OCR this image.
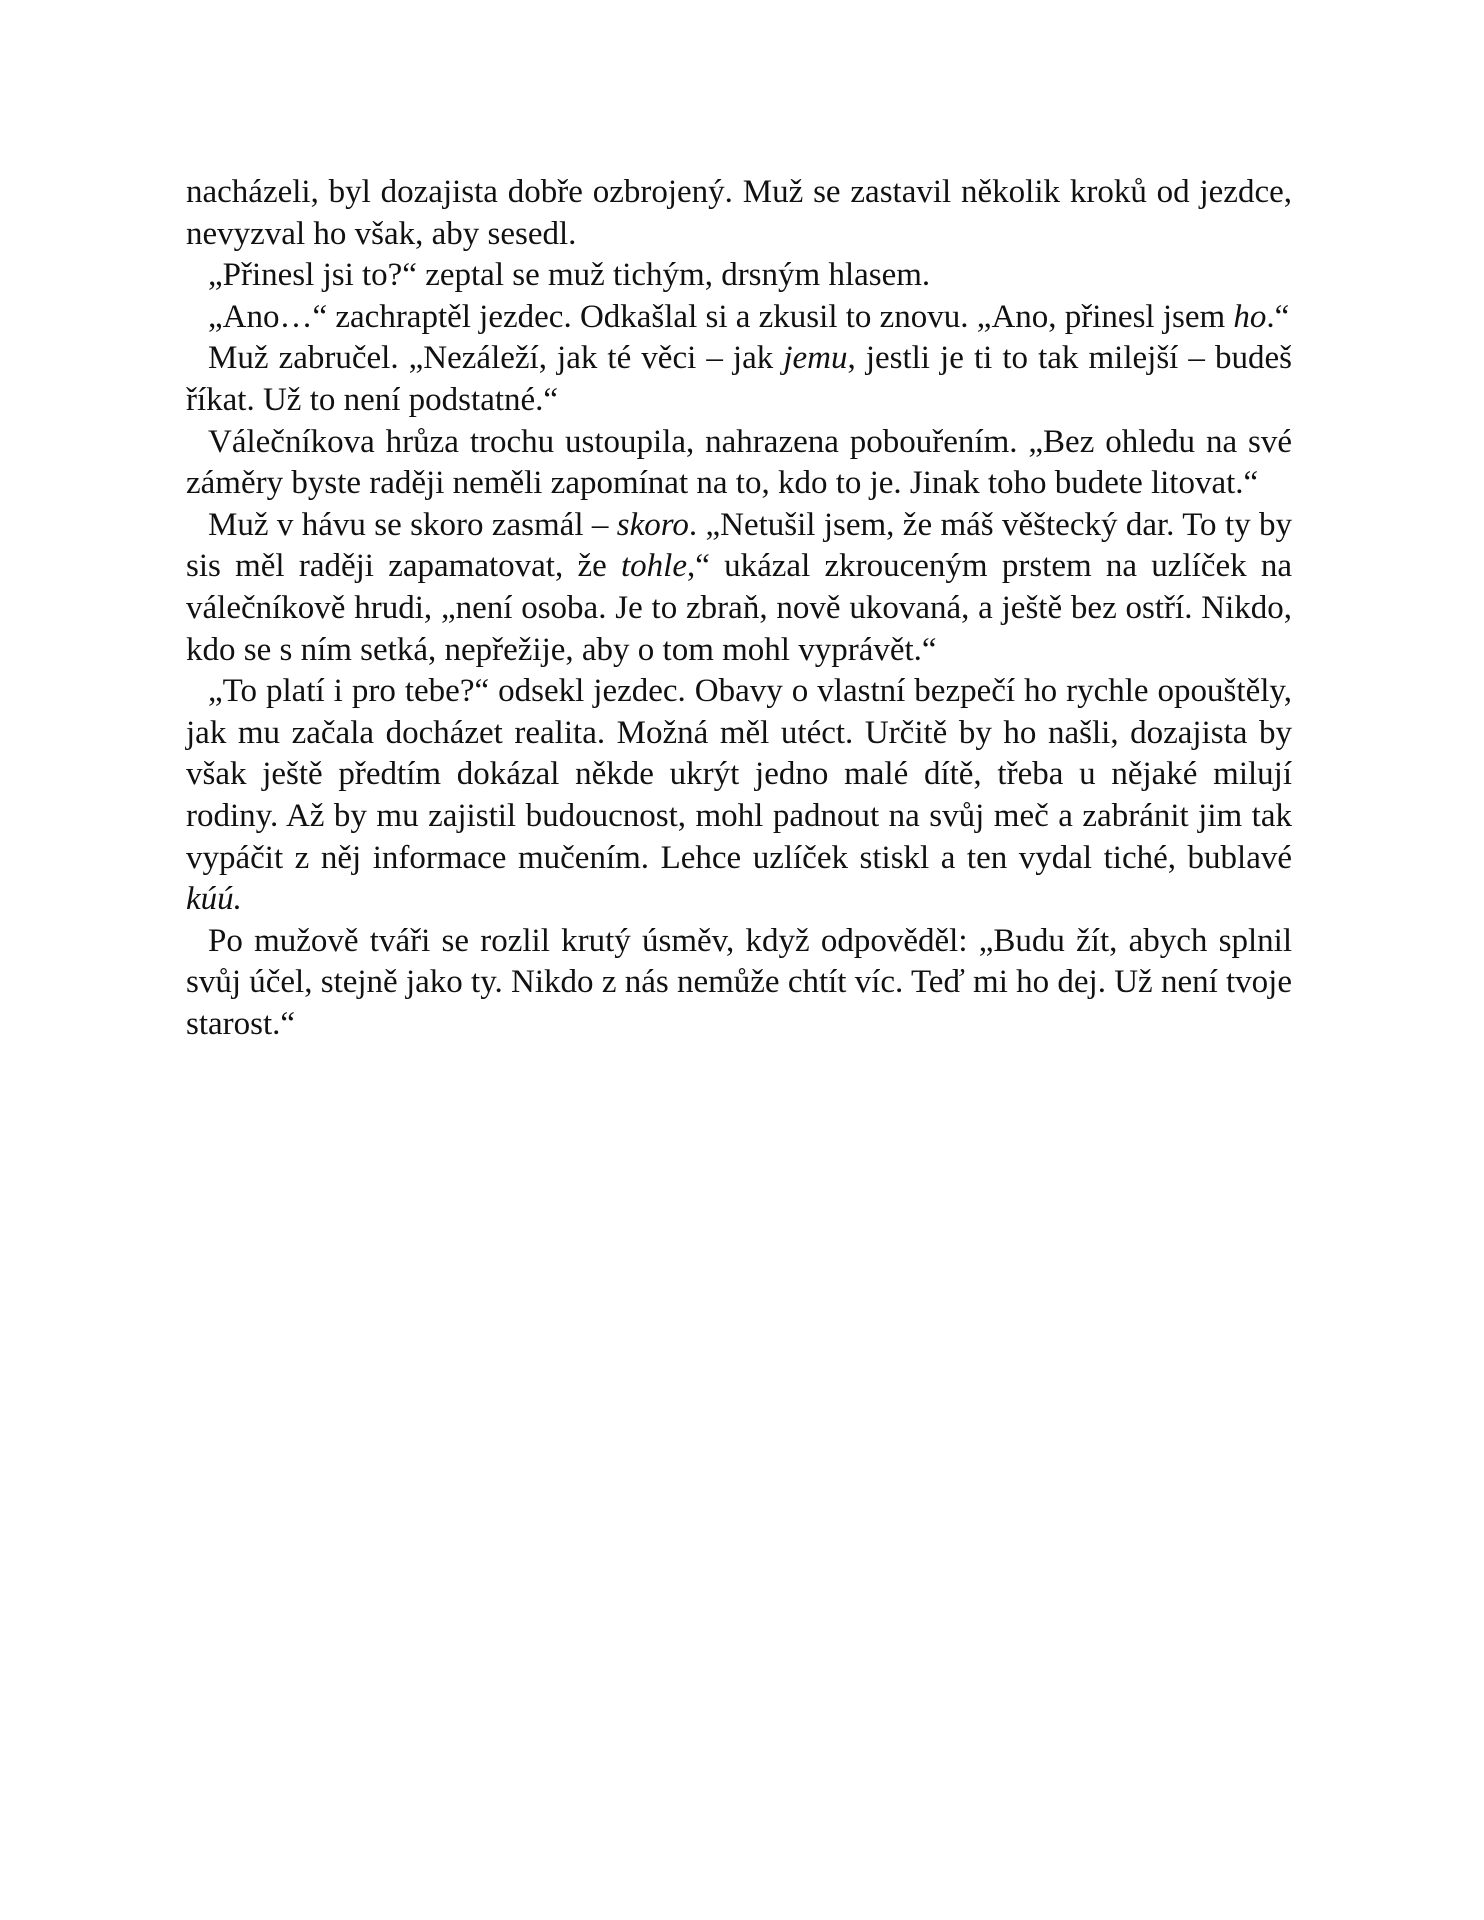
nacházeli, byl dozajista dobře ozbrojený. Muž se zastavil několik kroků od jezdce, nevyzval ho však, aby sesedl.

„Přinesl jsi to?“ zeptal se muž tichým, drsným hlasem.

„Ano…“ zachraptěl jezdec. Odkašlal si a zkusil to znovu. „Ano, přinesl jsem ho.“

Muž zabručel. „Nezáleží, jak té věci – jak jemu, jestli je ti to tak milejší – budeš říkat. Už to není podstatné.“

Válečníkova hrůza trochu ustoupila, nahrazena pobouřením. „Bez ohledu na své záměry byste raději neměli zapomínat na to, kdo to je. Jinak toho budete litovat.“

Muž v hávu se skoro zasmál – skoro. „Netušil jsem, že máš věštecký dar. To ty by sis měl raději zapamatovat, že tohle,“ ukázal zkrouceným prstem na uzlíček na válečníkově hrudi, „není osoba. Je to zbraň, nově ukovaná, a ještě bez ostří. Nikdo, kdo se s ním setká, nepřežije, aby o tom mohl vyprávět.“

„To platí i pro tebe?“ odsekl jezdec. Obavy o vlastní bezpečí ho rychle opouštěly, jak mu začala docházet realita. Možná měl utéct. Určitě by ho našli, dozajista by však ještě předtím dokázal někde ukrýt jedno malé dítě, třeba u nějaké milují rodiny. Až by mu zajistil budoucnost, mohl padnout na svůj meč a zabránit jim tak vypáčit z něj informace mučením. Lehce uzlíček stiskl a ten vydal tiché, bublavé kúú.

Po mužově tváři se rozlil krutý úsměv, když odpověděl: „Budu žít, abych splnil svůj účel, stejně jako ty. Nikdo z nás nemůže chtít víc. Teď mi ho dej. Už není tvoje starost.“
